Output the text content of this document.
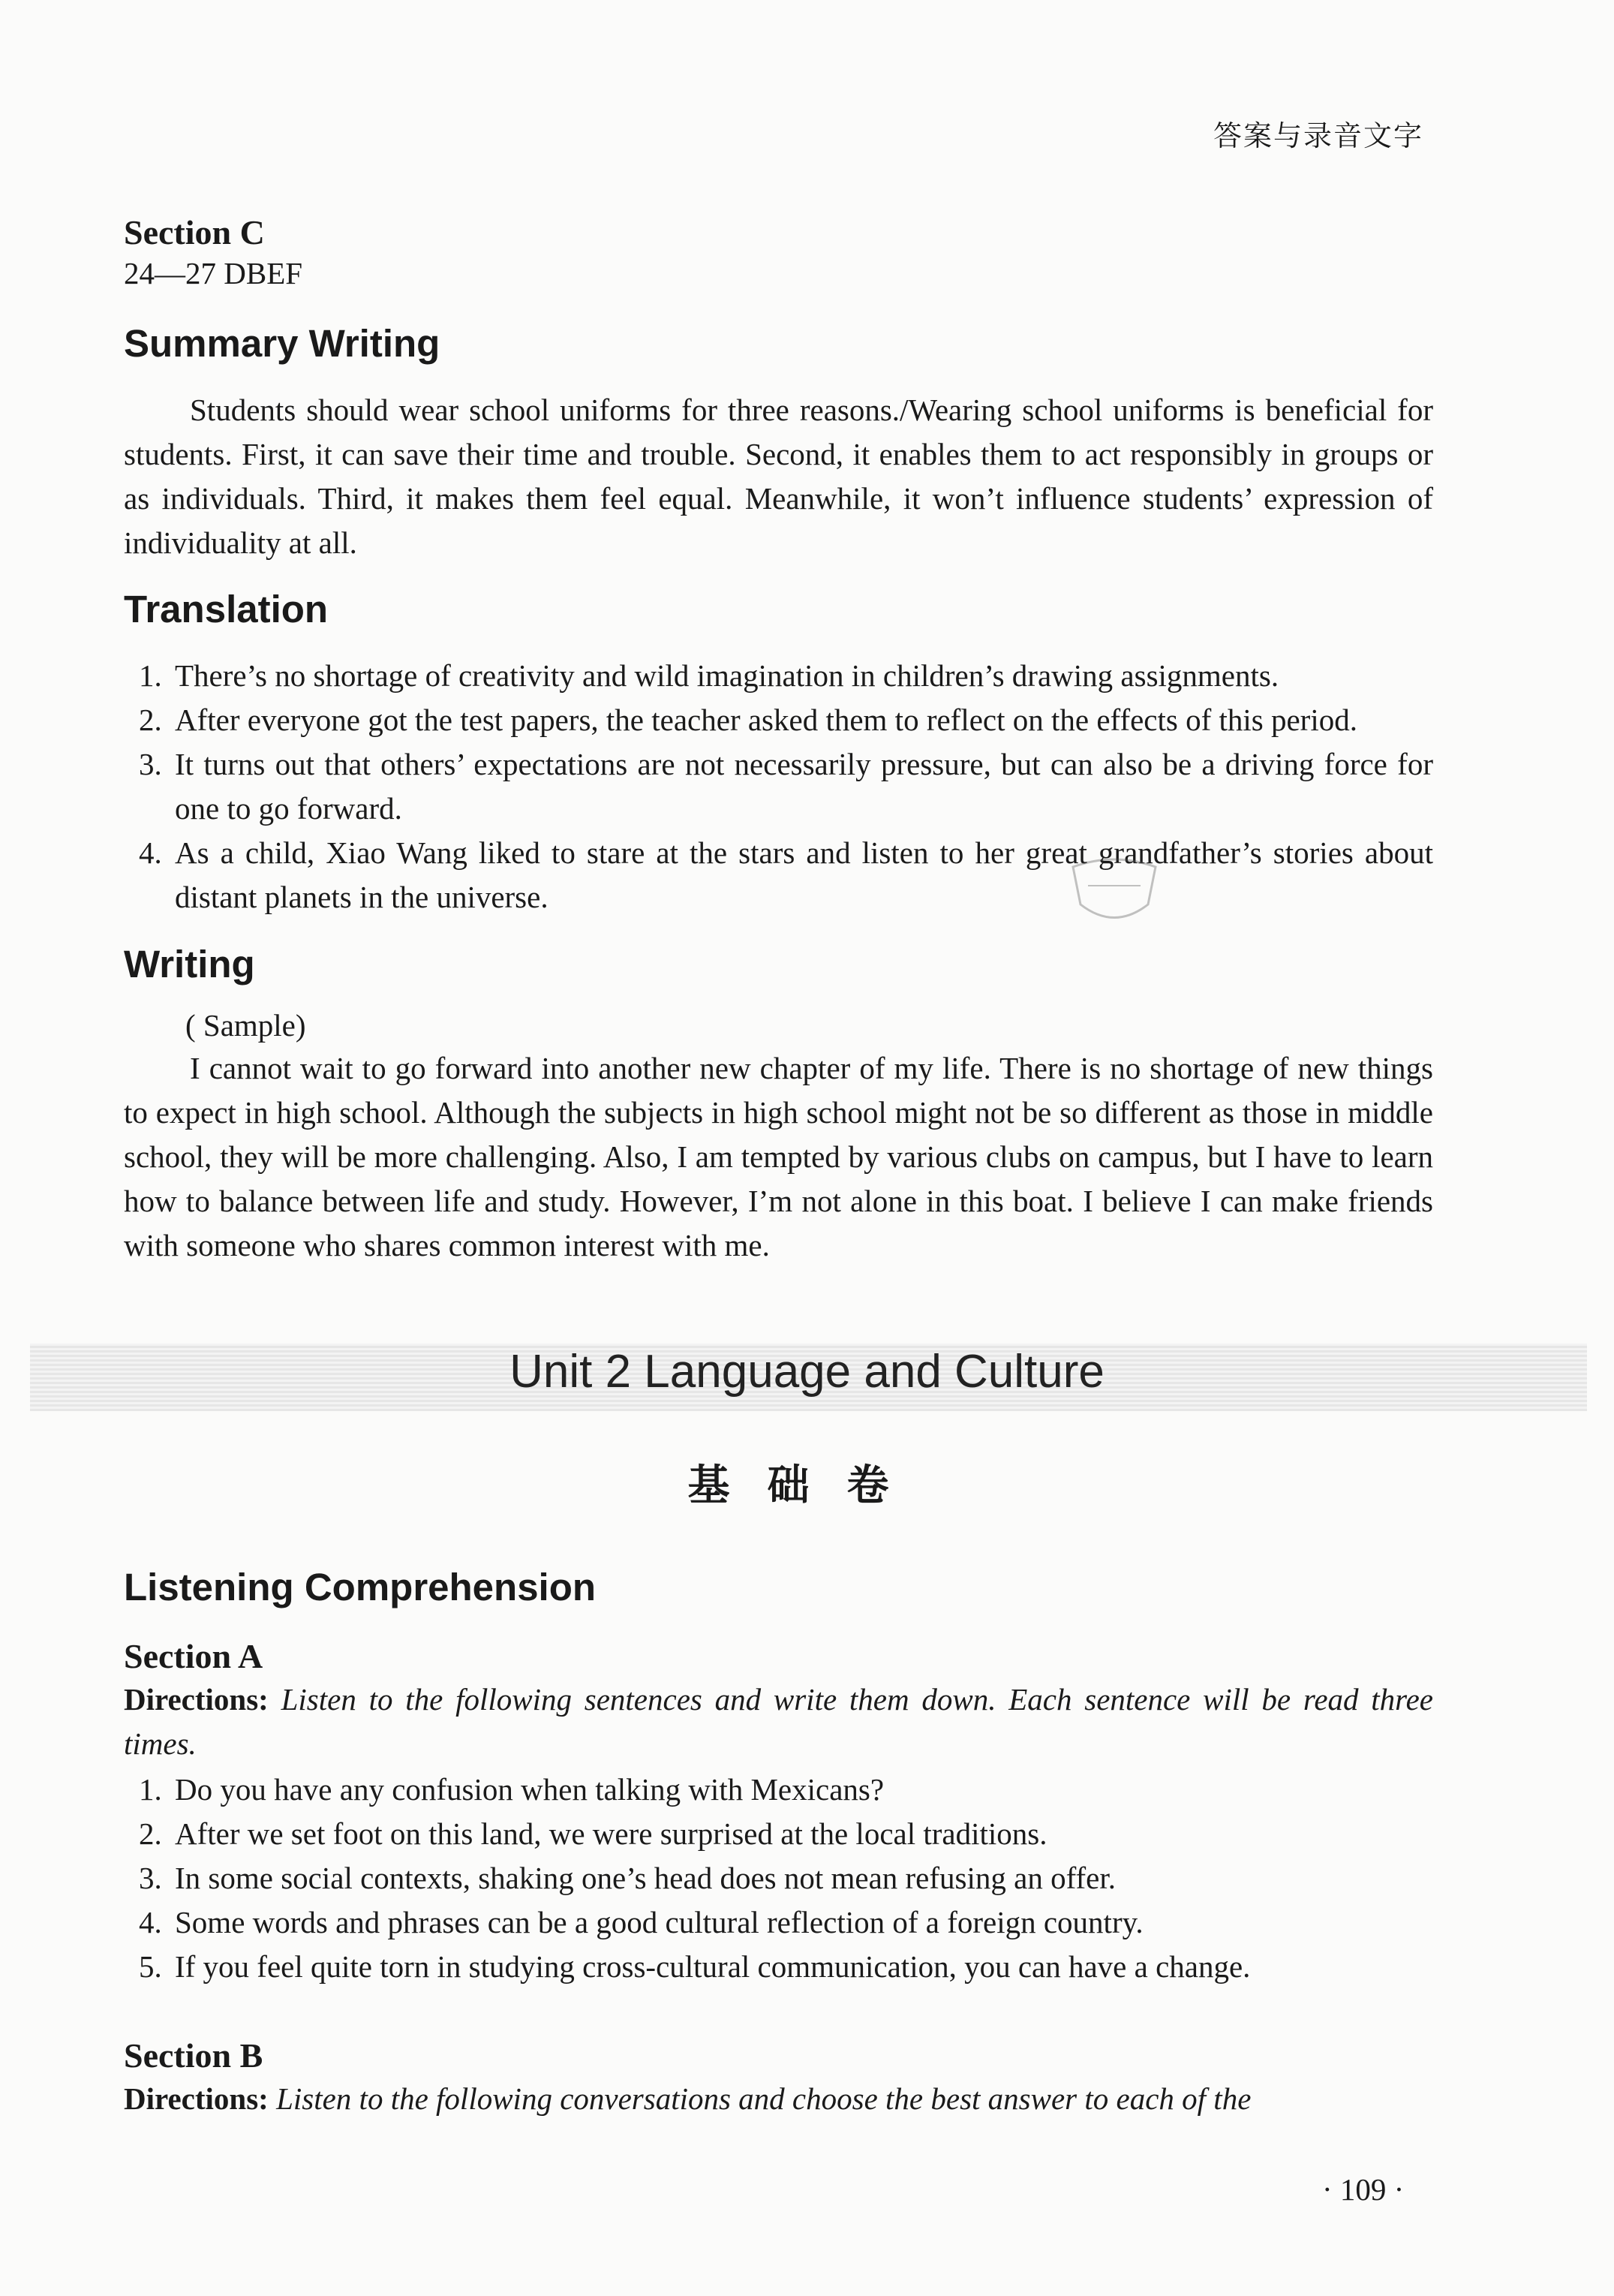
答案与录音文字

Section C

24—27 DBEF

Summary Writing

Students should wear school uniforms for three reasons./Wearing school uniforms is beneficial for students. First, it can save their time and trouble. Second, it enables them to act responsibly in groups or as individuals. Third, it makes them feel equal. Meanwhile, it won’t influence students’ expression of individuality at all.

Translation

1. There’s no shortage of creativity and wild imagination in children’s drawing assignments.
2. After everyone got the test papers, the teacher asked them to reflect on the effects of this period.
3. It turns out that others’ expectations are not necessarily pressure, but can also be a driving force for one to go forward.
4. As a child, Xiao Wang liked to stare at the stars and listen to her great grandfather’s stories about distant planets in the universe.

Writing

( Sample)

I cannot wait to go forward into another new chapter of my life. There is no shortage of new things to expect in high school. Although the subjects in high school might not be so different as those in middle school, they will be more challenging. Also, I am tempted by various clubs on campus, but I have to learn how to balance between life and study. However, I’m not alone in this boat. I believe I can make friends with someone who shares common interest with me.

Unit 2 Language and Culture
基础卷

Listening Comprehension

Section A

Directions: Listen to the following sentences and write them down. Each sentence will be read three times.

1. Do you have any confusion when talking with Mexicans?
2. After we set foot on this land, we were surprised at the local traditions.
3. In some social contexts, shaking one’s head does not mean refusing an offer.
4. Some words and phrases can be a good cultural reflection of a foreign country.
5. If you feel quite torn in studying cross-cultural communication, you can have a change.

Section B

Directions: Listen to the following conversations and choose the best answer to each of the

· 109 ·
